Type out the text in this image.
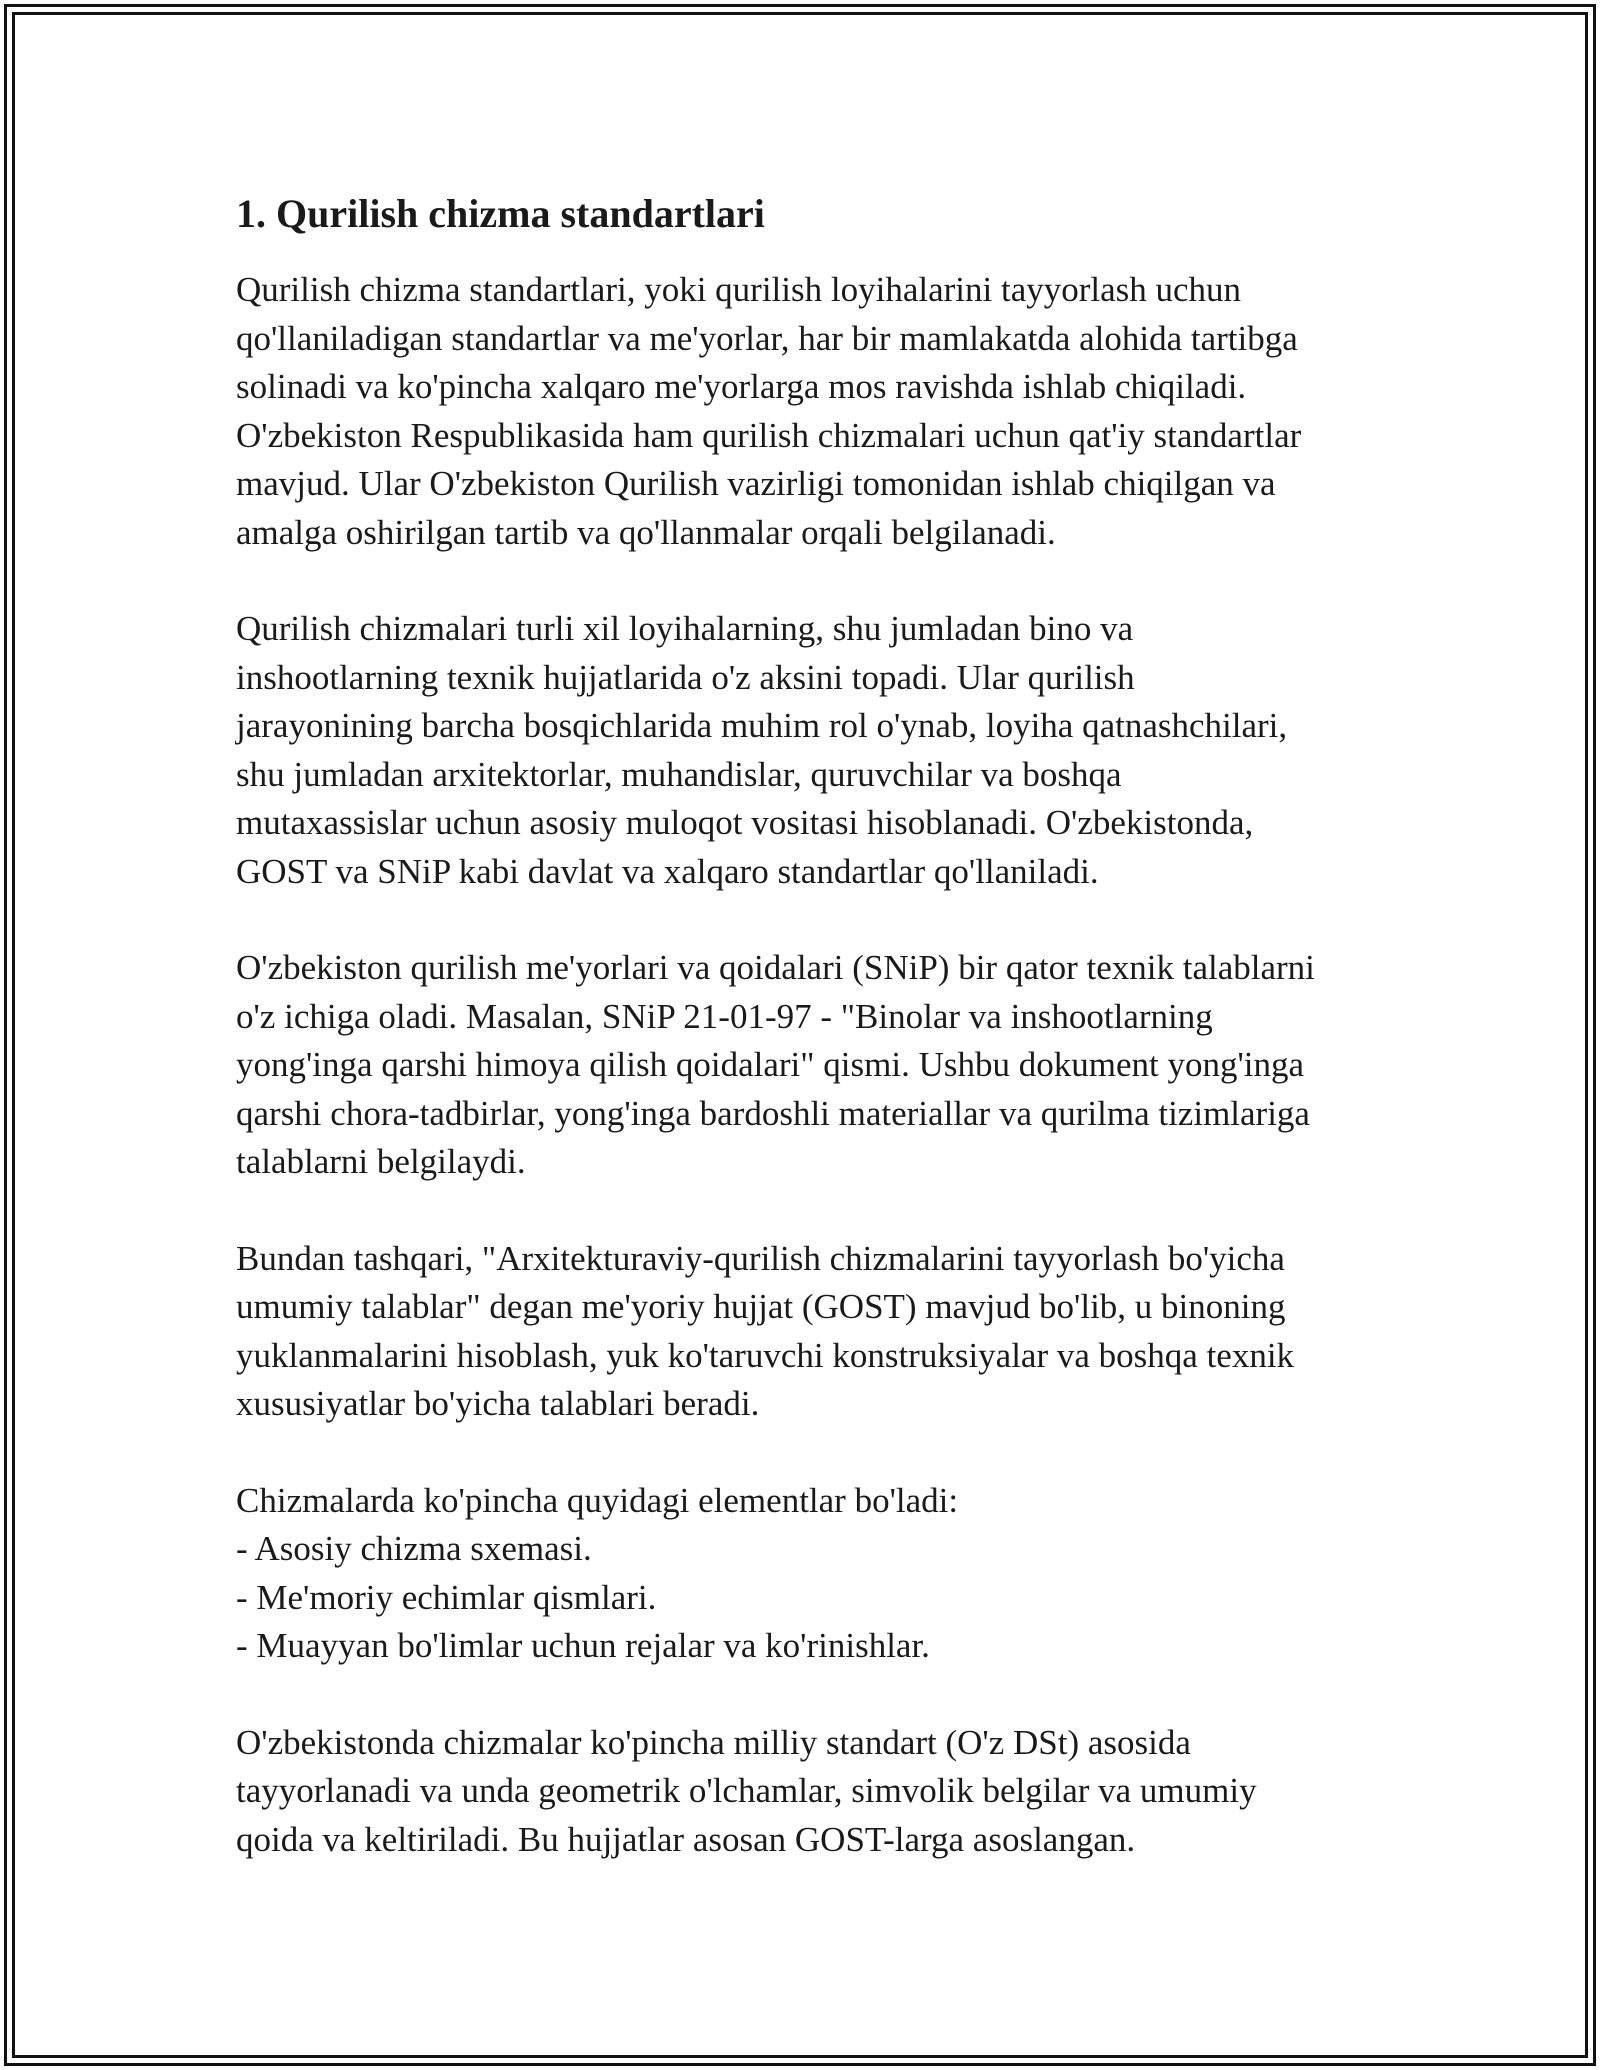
1. Qurilish chizma standartlari

Qurilish chizma standartlari, yoki qurilish loyihalarini tayyorlash uchun
qo'llaniladigan standartlar va me'yorlar, har bir mamlakatda alohida tartibga
solinadi va ko'pincha xalqaro me'yorlarga mos ravishda ishlab chiqiladi.
O'zbekiston Respublikasida ham qurilish chizmalari uchun qat'iy standartlar
mavjud. Ular O'zbekiston Qurilish vazirligi tomonidan ishlab chiqilgan va
amalga oshirilgan tartib va qo'llanmalar orqali belgilanadi.

Qurilish chizmalari turli xil loyihalarning, shu jumladan bino va
inshootlarning texnik hujjatlarida o'z aksini topadi. Ular qurilish
jarayonining barcha bosqichlarida muhim rol o'ynab, loyiha qatnashchilari,
shu jumladan arxitektorlar, muhandislar, quruvchilar va boshqa
mutaxassislar uchun asosiy muloqot vositasi hisoblanadi. O'zbekistonda,
GOST va SNiP kabi davlat va xalqaro standartlar qo'llaniladi.

O'zbekiston qurilish me'yorlari va qoidalari (SNiP) bir qator texnik talablarni
o'z ichiga oladi. Masalan, SNiP 21-01-97 - "Binolar va inshootlarning
yong'inga qarshi himoya qilish qoidalari" qismi. Ushbu dokument yong'inga
qarshi chora-tadbirlar, yong'inga bardoshli materiallar va qurilma tizimlariga
talablarni belgilaydi.

Bundan tashqari, "Arxitekturaviy-qurilish chizmalarini tayyorlash bo'yicha
umumiy talablar" degan me'yoriy hujjat (GOST) mavjud bo'lib, u binoning
yuklanmalarini hisoblash, yuk ko'taruvchi konstruksiyalar va boshqa texnik
xususiyatlar bo'yicha talablari beradi.

Chizmalarda ko'pincha quyidagi elementlar bo'ladi:
- Asosiy chizma sxemasi.
- Me'moriy echimlar qismlari.
- Muayyan bo'limlar uchun rejalar va ko'rinishlar.

O'zbekistonda chizmalar ko'pincha milliy standart (O'z DSt) asosida
tayyorlanadi va unda geometrik o'lchamlar, simvolik belgilar va umumiy
qoida va keltiriladi. Bu hujjatlar asosan GOST-larga asoslangan.
